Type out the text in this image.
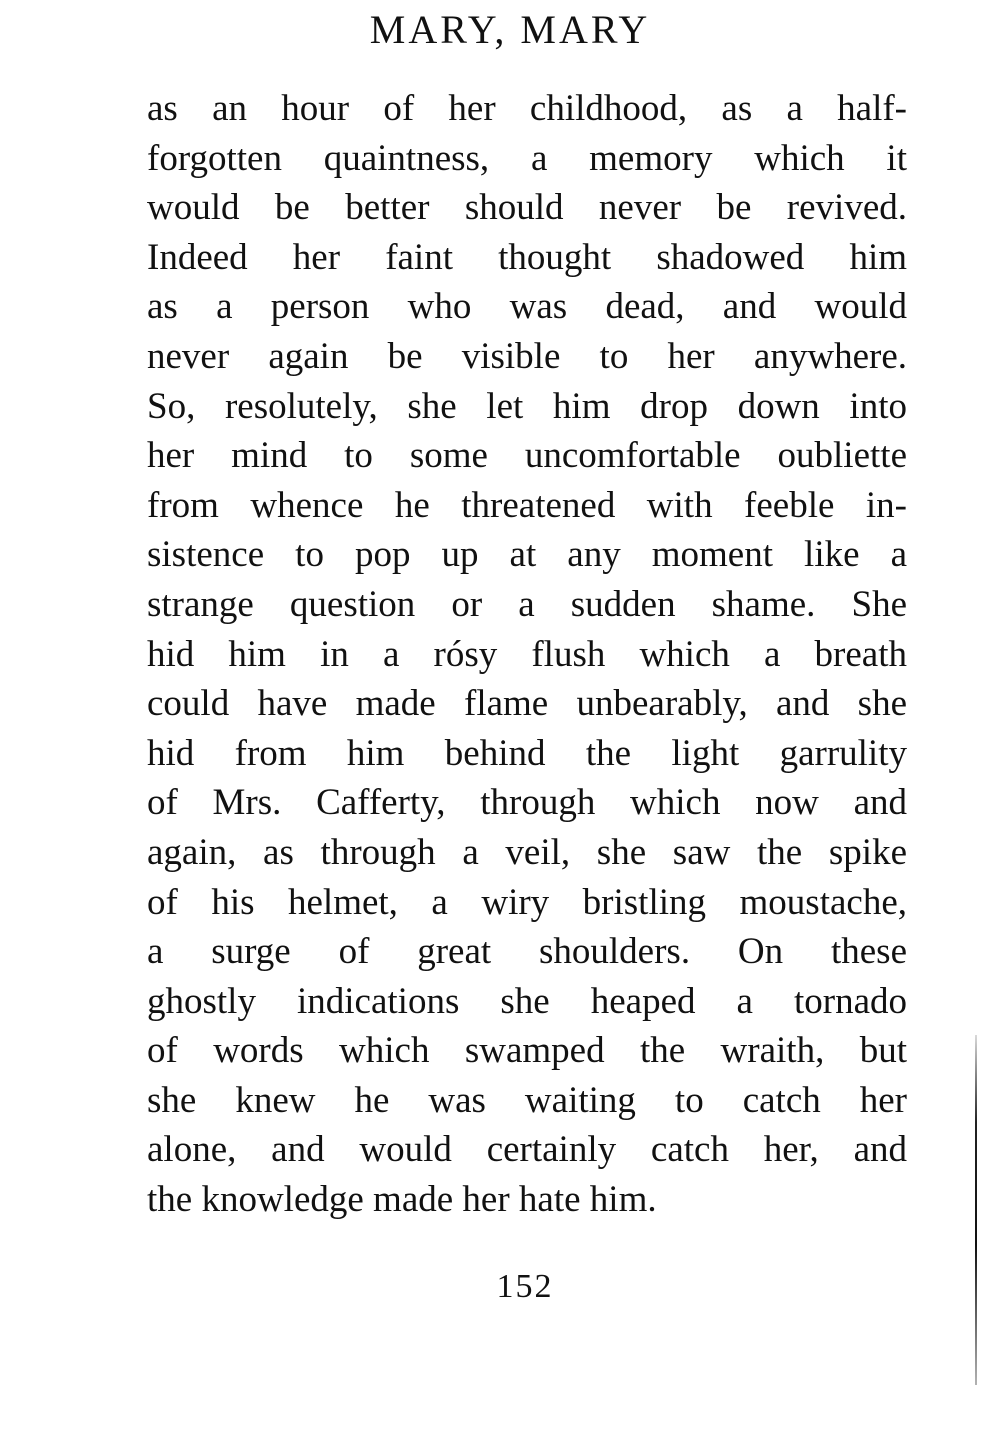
MARY, MARY
as an hour of her childhood, as a half-
forgotten quaintness, a memory which it
would be better should never be revived.
Indeed her faint thought shadowed him
as a person who was dead, and would
never again be visible to her anywhere.
So, resolutely, she let him drop down into
her mind to some uncomfortable oubliette
from whence he threatened with feeble in-
sistence to pop up at any moment like a
strange question or a sudden shame. She
hid him in a rósy flush which a breath
could have made flame unbearably, and she
hid from him behind the light garrulity
of Mrs. Cafferty, through which now and
again, as through a veil, she saw the spike
of his helmet, a wiry bristling moustache,
a surge of great shoulders. On these
ghostly indications she heaped a tornado
of words which swamped the wraith, but
she knew he was waiting to catch her
alone, and would certainly catch her, and
the knowledge made her hate him.
152
